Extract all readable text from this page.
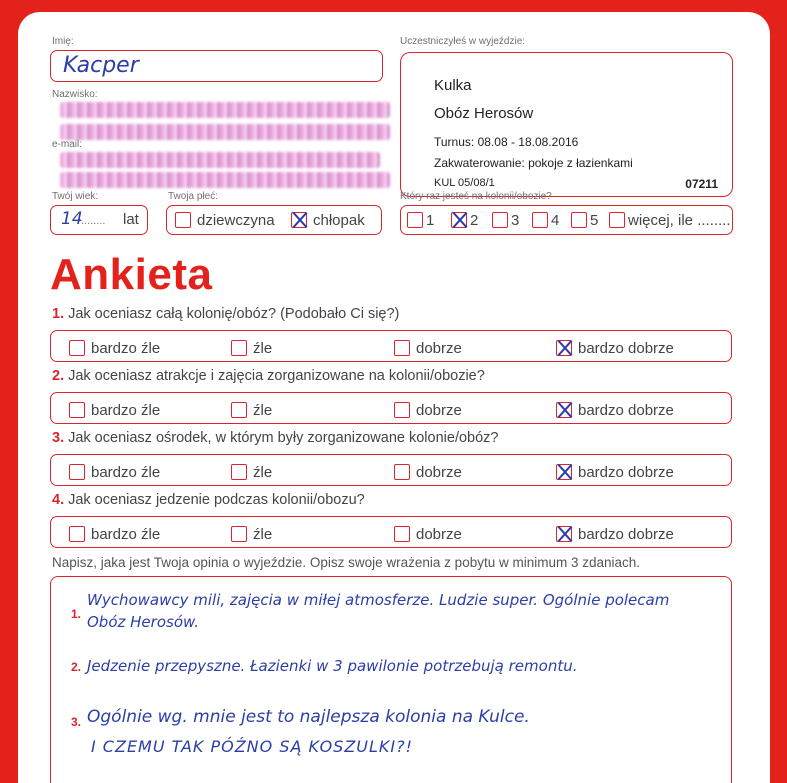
Imię:
Kacper
Nazwisko:
e-mail:
Uczestniczyłeś w wyjeździe:
Kulka
Obóz Herosów
Turnus: 08.08 - 18.08.2016
Zakwaterowanie: pokoje z łazienkami
KUL 05/08/1	07211
Twój wiek:
14
........ lat
Twoja płeć:
dziewczyna	chłopak
Który raz jesteś na kolonii/obozie?
1	2	3	4	5	więcej, ile ........
Ankieta
1. Jak oceniasz całą kolonię/obóz? (Podobało Ci się?)
bardzo źle	źle	dobrze	bardzo dobrze
2. Jak oceniasz atrakcje i zajęcia zorganizowane na kolonii/obozie?
bardzo źle	źle	dobrze	bardzo dobrze
3. Jak oceniasz ośrodek, w którym były zorganizowane kolonie/obóz?
bardzo źle	źle	dobrze	bardzo dobrze
4. Jak oceniasz jedzenie podczas kolonii/obozu?
bardzo źle	źle	dobrze	bardzo dobrze
Napisz, jaka jest Twoja opinia o wyjeździe. Opisz swoje wrażenia z pobytu w minimum 3 zdaniach.
1.
Wychowawcy mili, zajęcia w miłej atmosferze. Ludzie super. Ogólnie polecam
Obóz Herosów.
2. Jedzenie przepyszne. Łazienki w 3 pawilonie potrzebują remontu.
3. Ogólnie wg. mnie jest to najlepsza kolonia na Kulce.
I CZEMU TAK PÓŹNO SĄ KOSZULKI?!
